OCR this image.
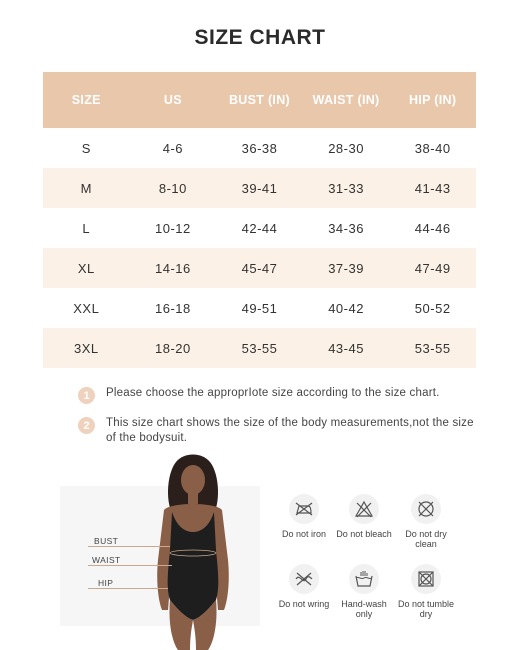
SIZE CHART
SIZE	US	BUST (IN)	WAIST (IN)	HIP (IN)
S	4-6	36-38	28-30	38-40
M	8-10	39-41	31-33	41-43
L	10-12	42-44	34-36	44-46
XL	14-16	45-47	37-39	47-49
XXL	16-18	49-51	40-42	50-52
3XL	18-20	53-55	43-45	53-55
1	Please choose the approprIote size according to the size chart.
2	This size chart shows the size of the body measurements,not the size of the bodysuit.
BUST
WAIST
HIP
Do not iron	Do not bleach	Do not dry clean
Do not wring	Hand-wash only
Do not tumble dry
